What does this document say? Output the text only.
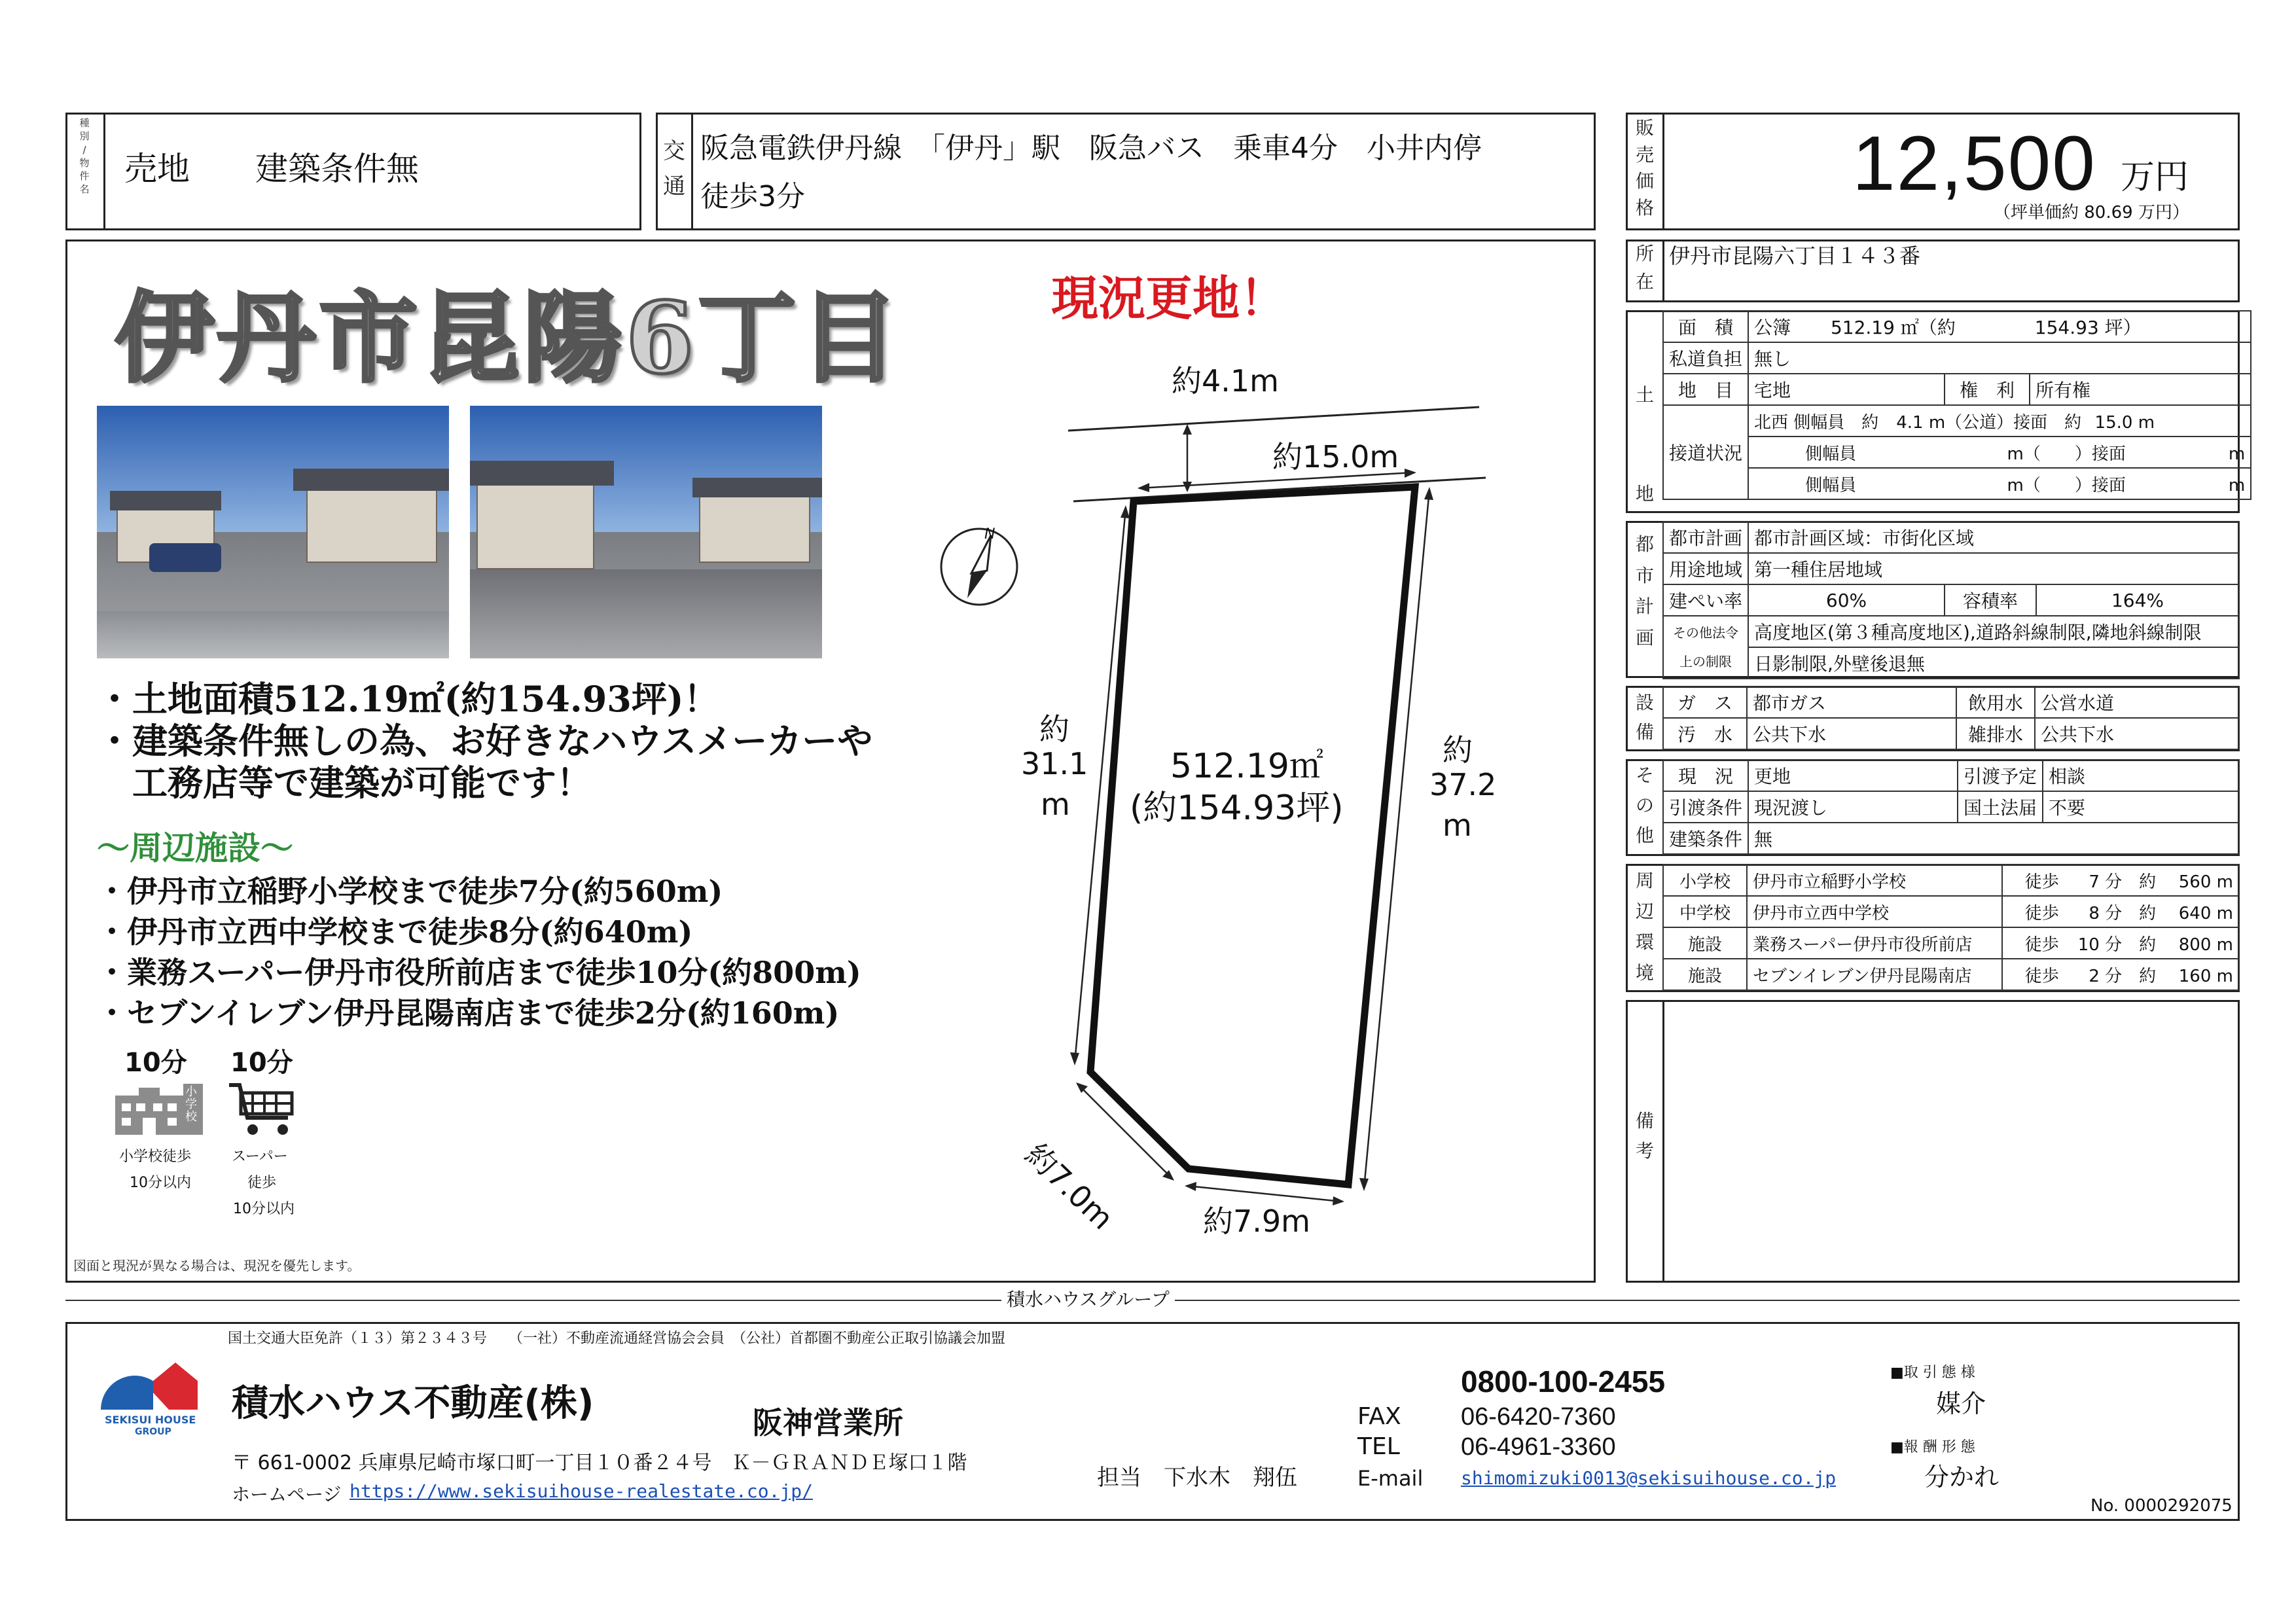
種
別
/
物
件
名
売地　　建築条件無	交
通
阪急電鉄伊丹線　「伊丹」駅　阪急バス　乗車4分　小井内停
徒歩3分
販
売
価
格
12,500 万円
（坪単価約 80.69 万円）
伊丹市昆陽6丁目	現況更地！
・土地面積512.19㎡(約154.93坪)！
・建築条件無しの為、お好きなハウスメーカーや
　工務店等で建築が可能です！
～周辺施設～
・伊丹市立稲野小学校まで徒歩7分(約560m)
・伊丹市立西中学校まで徒歩8分(約640m)
・業務スーパー伊丹市役所前店まで徒歩10分(約800m)
・セブンイレブン伊丹昆陽南店まで徒歩2分(約160m)
10分
小学校
小学校徒歩
10分以内
10分
スーパー
徒歩
10分以内
図面と現況が異なる場合は、現況を優先します。
N
約4.1m
約15.0m
約
31.1
m
約
37.2
m
約7.0m	約7.9m
512.19㎡
(約154.93坪)
所
在
伊丹市昆陽六丁目１４３番
土
地
面　積	公簿 512.19 ㎡（約 154.93 坪）		
私道負担	無し		
地　目	宅地	権　利	所有権
接道状況	北西 側幅員　約 4.1 m（公道）接面　約 15.0 m		
	側幅員 m（　　）接面 m		
	側幅員 m（　　）接面 m		
都
市
計
画
都市計画	都市計画区域：市街化区域		
用途地域	第一種住居地域		
建ぺい率	60%	容積率	164%
その他法令
上の制限	高度地区(第３種高度地区),道路斜線制限,隣地斜線制限		
	日影制限,外壁後退無		
設
備
ガ　ス	都市ガス	飲用水	公営水道
汚　水	公共下水	雑排水	公共下水
そ
の
他
現　況	更地	引渡予定	相談
引渡条件	現況渡し	国土法届	不要
建築条件	無		
周
辺
環
境
小学校	伊丹市立稲野小学校	徒歩 7 分　約 560 m
中学校	伊丹市立西中学校	徒歩 8 分　約 640 m
施設	業務スーパー伊丹市役所前店	徒歩 10 分　約 800 m
施設	セブンイレブン伊丹昆陽南店	徒歩 2 分　約 160 m
備
考
積水ハウスグループ
国土交通大臣免許（１３）第２３４３号　　（一社）不動産流通経営協会会員　（公社）首都圏不動産公正取引協議会加盟
SEKISUI HOUSE
GROUP
積水ハウス不動産(株)	阪神営業所
〒 661-0002 兵庫県尼崎市塚口町一丁目１０番２４号　Ｋ－ＧＲＡＮＤＥ塚口１階
ホームページ https://www.sekisuihouse-realestate.co.jp/
担当　下水木　翔伍
0800-100-2455
FAX 06-6420-7360
TEL 06-4961-3360
E-mail shimomizuki0013@sekisuihouse.co.jp
■取 引 態 様
媒介
■報 酬 形 態
分かれ
No. 0000292075
